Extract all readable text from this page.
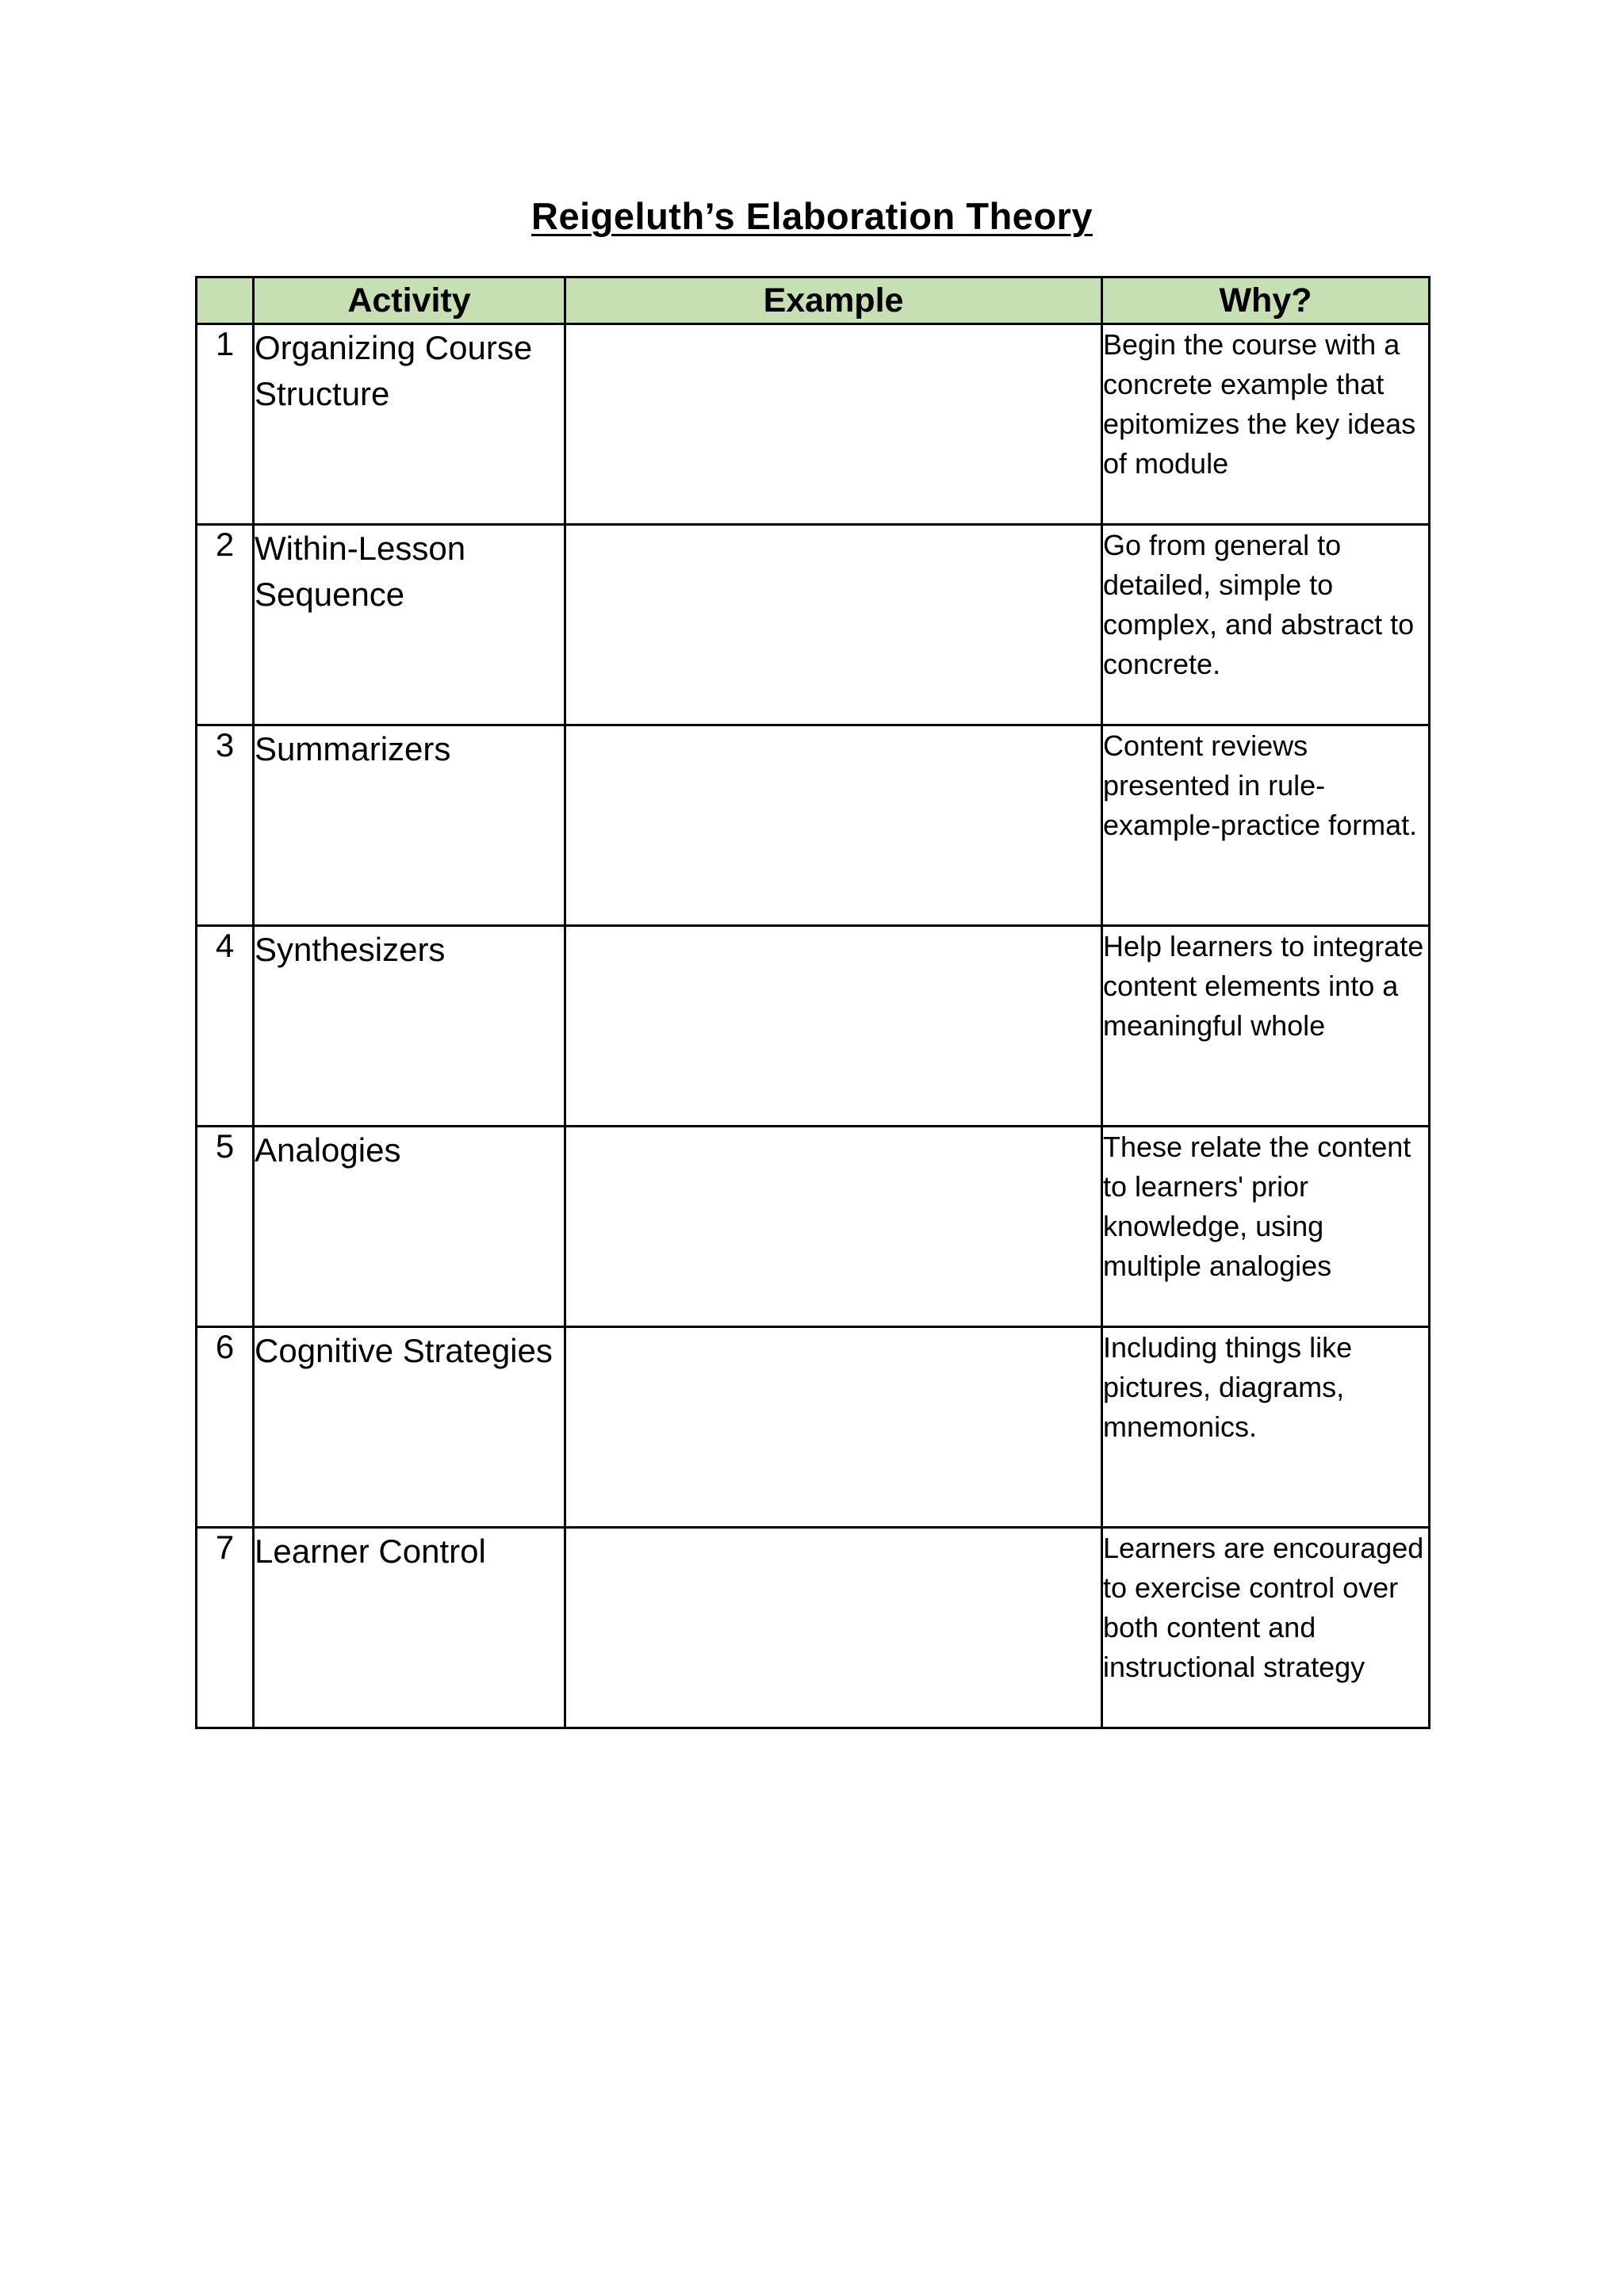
Reigeluth’s Elaboration Theory
	Activity	Example	Why?
1	Organizing Course Structure		Begin the course with a concrete example that epitomizes the key ideas of module
2	Within-Lesson Sequence		Go from general to detailed, simple to complex, and abstract to concrete.
3	Summarizers		Content reviews presented in rule-example-practice format.
4	Synthesizers		Help learners to integrate content elements into a meaningful whole
5	Analogies		These relate the content to learners' prior knowledge, using multiple analogies
6	Cognitive Strategies		Including things like pictures, diagrams, mnemonics.
7	Learner Control		Learners are encouraged to exercise control over both content and instructional strategy
